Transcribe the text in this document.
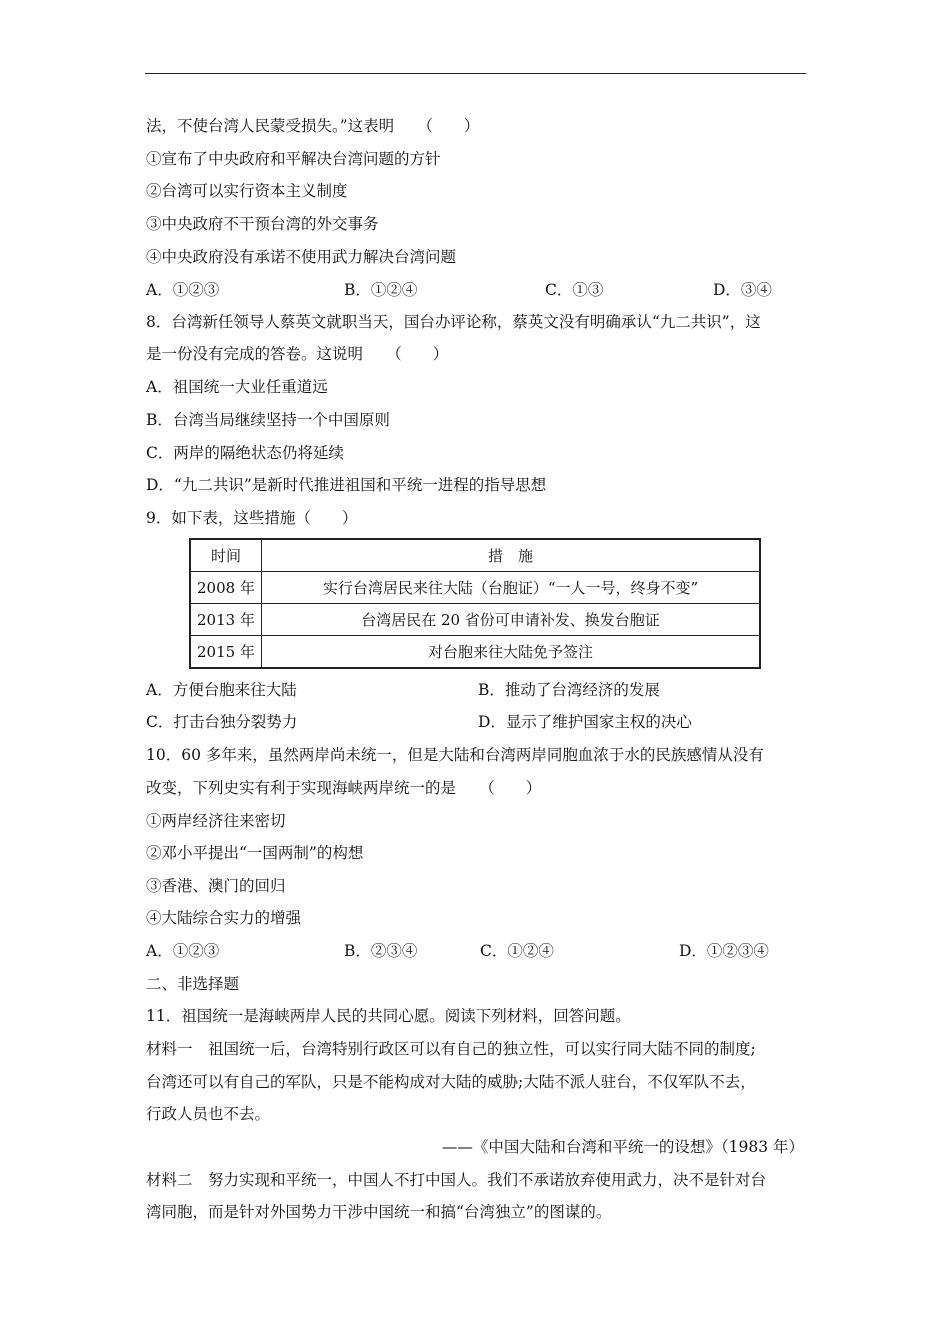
法，不使台湾人民蒙受损失。”这表明　　（　　）
①宣布了中央政府和平解决台湾问题的方针
②台湾可以实行资本主义制度
③中央政府不干预台湾的外交事务
④中央政府没有承诺不使用武力解决台湾问题
A．①②③	B．①②④	C．①③	D．③④
8．台湾新任领导人蔡英文就职当天，国台办评论称，蔡英文没有明确承认“九二共识”，这
是一份没有完成的答卷。这说明　　（　　）
A．祖国统一大业任重道远
B．台湾当局继续坚持一个中国原则
C．两岸的隔绝状态仍将延续
D．“九二共识”是新时代推进祖国和平统一进程的指导思想
9．如下表，这些措施（　　）
时间	措　施
2008 年	实行台湾居民来往大陆（台胞证）“一人一号，终身不变”
2013 年	台湾居民在 20 省份可申请补发、换发台胞证
2015 年	对台胞来往大陆免予签注
A．方便台胞来往大陆	B．推动了台湾经济的发展
C．打击台独分裂势力	D．显示了维护国家主权的决心
10．60 多年来，虽然两岸尚未统一，但是大陆和台湾两岸同胞血浓于水的民族感情从没有
改变，下列史实有利于实现海峡两岸统一的是　　（　　）
①两岸经济往来密切
②邓小平提出“一国两制”的构想
③香港、澳门的回归
④大陆综合实力的增强
A．①②③	B．②③④	C．①②④	D．①②③④
二、非选择题
11．祖国统一是海峡两岸人民的共同心愿。阅读下列材料，回答问题。
材料一　祖国统一后，台湾特别行政区可以有自己的独立性，可以实行同大陆不同的制度;
台湾还可以有自己的军队，只是不能构成对大陆的威胁;大陆不派人驻台，不仅军队不去，
行政人员也不去。
——《中国大陆和台湾和平统一的设想》（1983 年）
材料二　努力实现和平统一，中国人不打中国人。我们不承诺放弃使用武力，决不是针对台
湾同胞，而是针对外国势力干涉中国统一和搞“台湾独立”的图谋的。
